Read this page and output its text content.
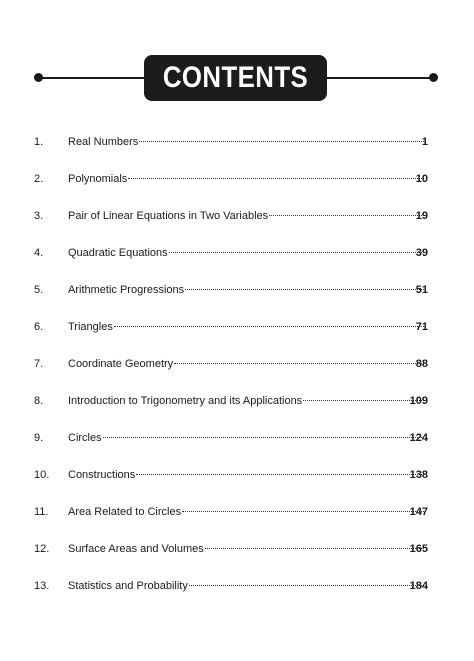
CONTENTS
1. Real Numbers	1
2. Polynomials	10
3. Pair of Linear Equations in Two Variables	19
4. Quadratic Equations	39
5. Arithmetic Progressions	51
6. Triangles	71
7. Coordinate Geometry	88
8. Introduction to Trigonometry and its Applications	109
9. Circles	124
10. Constructions	138
11. Area Related to Circles	147
12. Surface Areas and Volumes	165
13. Statistics and Probability	184
